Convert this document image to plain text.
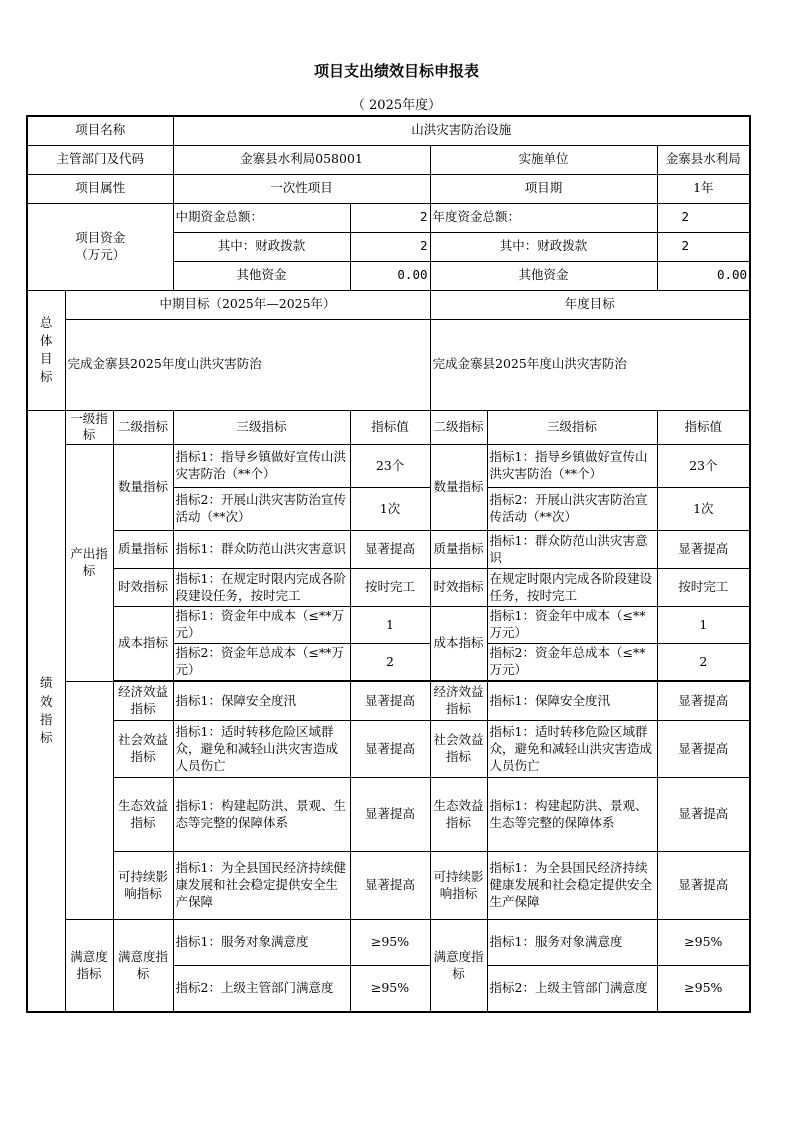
项目支出绩效目标申报表
（ 2025年度）
项目名称			山洪灾害防治设施				
主管部门及代码			金寨县水利局058001		实施单位		金寨县水利局
项目属性			一次性项目		项目期		1年

项目资金
（万元）			中期资金总额：	2	年度资金总额：		2
			其中：财政拨款	2	其中：财政拨款		2
			其他资金	0.00	其他资金		0.00

总
体
目
标	中期目标（2025年—2025年）				年度目标		
	完成金寨县2025年度山洪灾害防治				完成金寨县2025年度山洪灾害防治		

绩
效
指
标	一级指标	二级指标	三级指标	指标值	二级指标	三级指标	指标值
	产出指标	数量指标	指标1：指导乡镇做好宣传山洪灾害防治（**个）	23个	数量指标	指标1：指导乡镇做好宣传山洪灾害防治（**个）	23个
			指标2：开展山洪灾害防治宣传活动（**次）	1次		指标2：开展山洪灾害防治宣传活动（**次）	1次
		质量指标	指标1：群众防范山洪灾害意识	显著提高	质量指标	指标1：群众防范山洪灾害意识	显著提高
		时效指标	指标1：在规定时限内完成各阶段建设任务，按时完工	按时完工	时效指标	在规定时限内完成各阶段建设任务，按时完工	按时完工
		成本指标	指标1：资金年中成本（≤**万元）	1	成本指标	指标1：资金年中成本（≤**万元）	1
			指标2：资金年总成本（≤**万元）	2		指标2：资金年总成本（≤**万元）	2

		经济效益指标	指标1：保障安全度汛	显著提高	经济效益指标	指标1：保障安全度汛	显著提高
		社会效益指标	指标1：适时转移危险区域群众，避免和减轻山洪灾害造成人员伤亡	显著提高	社会效益指标	指标1：适时转移危险区域群众，避免和减轻山洪灾害造成人员伤亡	显著提高
		生态效益指标	指标1：构建起防洪、景观、生态等完整的保障体系	显著提高	生态效益指标	指标1：构建起防洪、景观、生态等完整的保障体系	显著提高
		可持续影响指标	指标1：为全县国民经济持续健康发展和社会稳定提供安全生产保障	显著提高	可持续影响指标	指标1：为全县国民经济持续健康发展和社会稳定提供安全生产保障	显著提高
	满意度指标	满意度指标	指标1：服务对象满意度	≥95%	满意度指标	指标1：服务对象满意度	≥95%
			指标2：上级主管部门满意度	≥95%		指标2：上级主管部门满意度	≥95%
